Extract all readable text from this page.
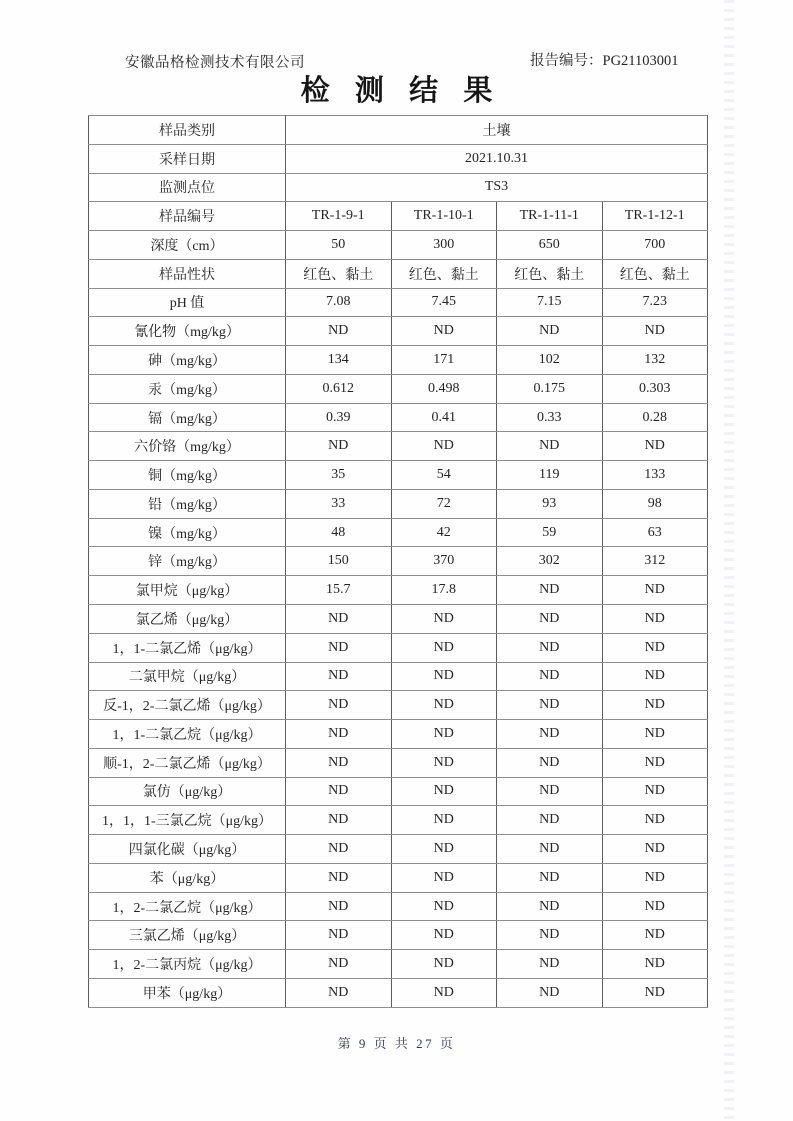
安徽品格检测技术有限公司	报告编号：PG21103001
检 测 结 果
样品类别	土壤			
采样日期	2021.10.31			
监测点位	TS3			
样品编号	TR-1-9-1	TR-1-10-1	TR-1-11-1	TR-1-12-1
深度（cm）	50	300	650	700
样品性状	红色、黏土	红色、黏土	红色、黏土	红色、黏土
pH 值	7.08	7.45	7.15	7.23
氰化物（mg/kg）	ND	ND	ND	ND
砷（mg/kg）	134	171	102	132
汞（mg/kg）	0.612	0.498	0.175	0.303
镉（mg/kg）	0.39	0.41	0.33	0.28
六价铬（mg/kg）	ND	ND	ND	ND
铜（mg/kg）	35	54	119	133
铅（mg/kg）	33	72	93	98
镍（mg/kg）	48	42	59	63
锌（mg/kg）	150	370	302	312
氯甲烷（μg/kg）	15.7	17.8	ND	ND
氯乙烯（μg/kg）	ND	ND	ND	ND
1，1-二氯乙烯（μg/kg）	ND	ND	ND	ND
二氯甲烷（μg/kg）	ND	ND	ND	ND
反-1，2-二氯乙烯（μg/kg）	ND	ND	ND	ND
1，1-二氯乙烷（μg/kg）	ND	ND	ND	ND
顺-1，2-二氯乙烯（μg/kg）	ND	ND	ND	ND
氯仿（μg/kg）	ND	ND	ND	ND
1，1，1-三氯乙烷（μg/kg）	ND	ND	ND	ND
四氯化碳（μg/kg）	ND	ND	ND	ND
苯（μg/kg）	ND	ND	ND	ND
1，2-二氯乙烷（μg/kg）	ND	ND	ND	ND
三氯乙烯（μg/kg）	ND	ND	ND	ND
1，2-二氯丙烷（μg/kg）	ND	ND	ND	ND
甲苯（μg/kg）	ND	ND	ND	ND
第 9 页 共 27 页
